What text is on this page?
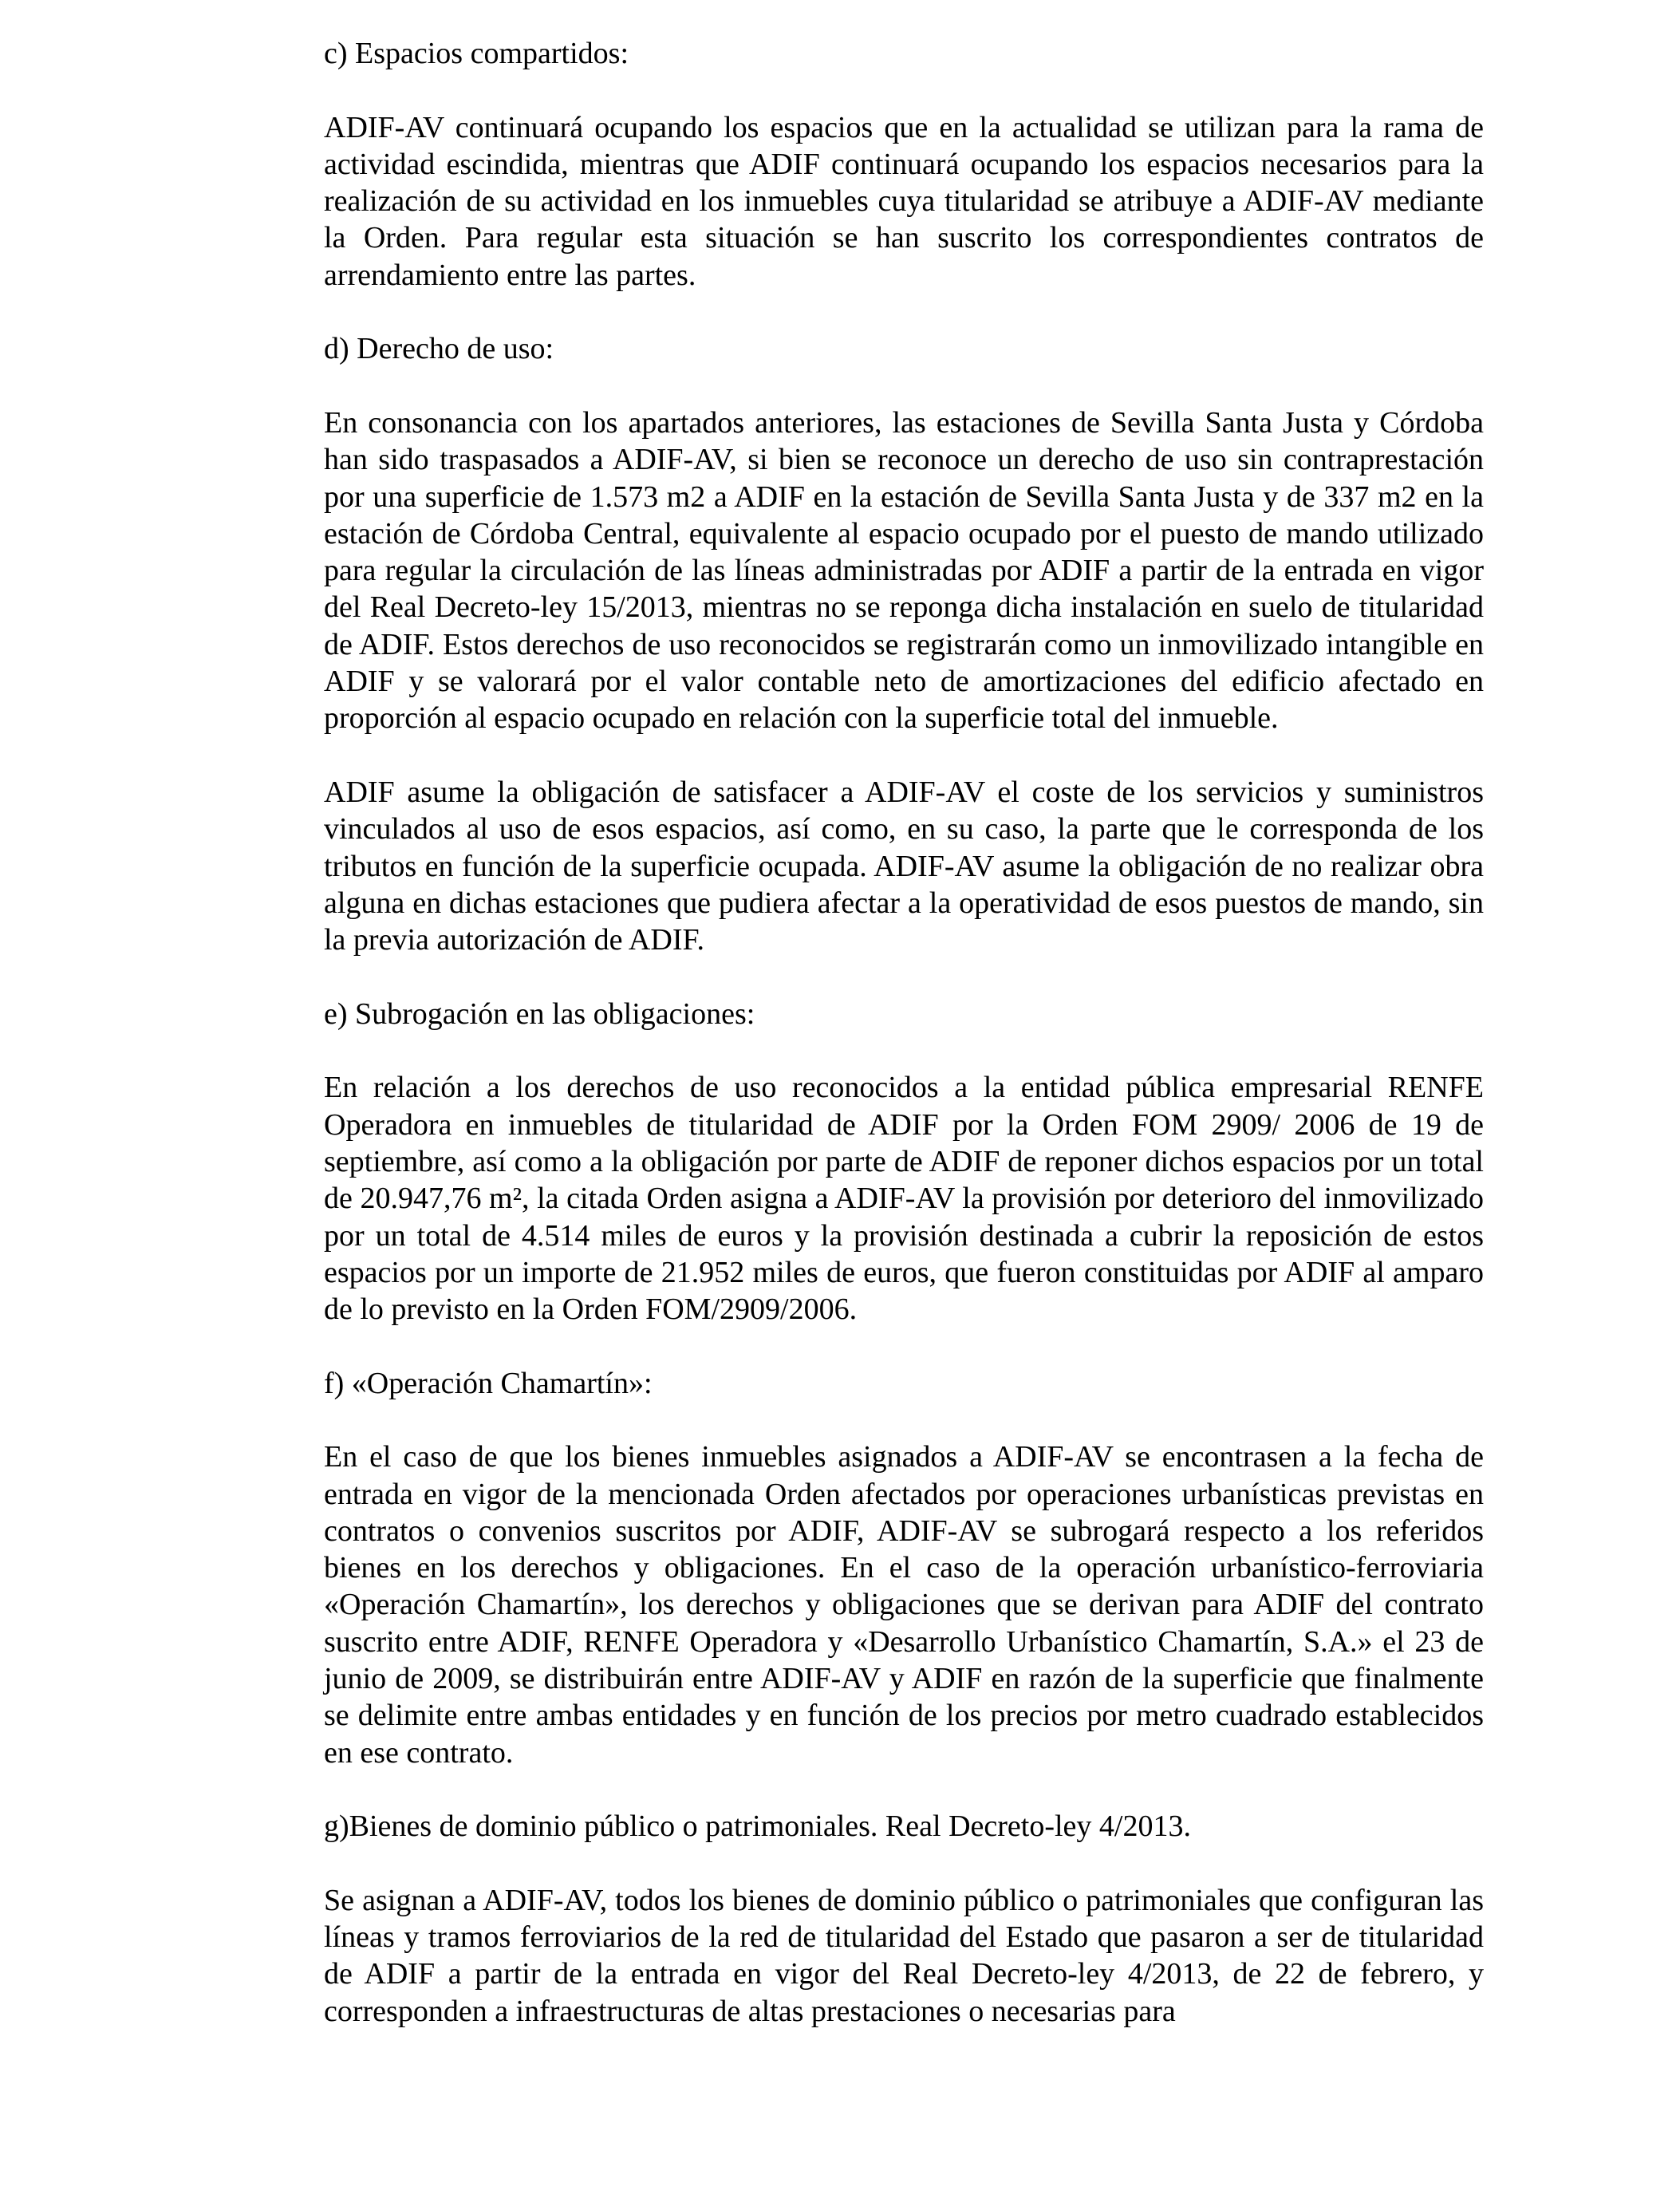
c) Espacios compartidos:

ADIF-AV continuará ocupando los espacios que en la actualidad se utilizan para la rama de actividad escindida, mientras que ADIF continuará ocupando los espacios necesarios para la realización de su actividad en los inmuebles cuya titularidad se atribuye a ADIF-AV mediante la Orden. Para regular esta situación se han suscrito los correspondientes contratos de arrendamiento entre las partes.

d) Derecho de uso:

En consonancia con los apartados anteriores, las estaciones de Sevilla Santa Justa y Córdoba han sido traspasados a ADIF-AV, si bien se reconoce un derecho de uso sin contraprestación por una superficie de 1.573 m2 a ADIF en la estación de Sevilla Santa Justa y de 337 m2 en la estación de Córdoba Central, equivalente al espacio ocupado por el puesto de mando utilizado para regular la circulación de las líneas administradas por ADIF a partir de la entrada en vigor del Real Decreto-ley 15/2013, mientras no se reponga dicha instalación en suelo de titularidad de ADIF. Estos derechos de uso reconocidos se registrarán como un inmovilizado intangible en ADIF y se valorará por el valor contable neto de amortizaciones del edificio afectado en proporción al espacio ocupado en relación con la superficie total del inmueble.

ADIF asume la obligación de satisfacer a ADIF-AV el coste de los servicios y suministros vinculados al uso de esos espacios, así como, en su caso, la parte que le corresponda de los tributos en función de la superficie ocupada. ADIF-AV asume la obligación de no realizar obra alguna en dichas estaciones que pudiera afectar a la operatividad de esos puestos de mando, sin la previa autorización de ADIF.

e) Subrogación en las obligaciones:

En relación a los derechos de uso reconocidos a la entidad pública empresarial RENFE Operadora en inmuebles de titularidad de ADIF por la Orden FOM 2909/ 2006 de 19 de septiembre, así como a la obligación por parte de ADIF de reponer dichos espacios por un total de 20.947,76 m², la citada Orden asigna a ADIF-AV la provisión por deterioro del inmovilizado por un total de 4.514 miles de euros y la provisión destinada a cubrir la reposición de estos espacios por un importe de 21.952 miles de euros, que fueron constituidas por ADIF al amparo de lo previsto en la Orden FOM/2909/2006.

f) «Operación Chamartín»:

En el caso de que los bienes inmuebles asignados a ADIF-AV se encontrasen a la fecha de entrada en vigor de la mencionada Orden afectados por operaciones urbanísticas previstas en contratos o convenios suscritos por ADIF, ADIF-AV se subrogará respecto a los referidos bienes en los derechos y obligaciones. En el caso de la operación urbanístico-ferroviaria «Operación Chamartín», los derechos y obligaciones que se derivan para ADIF del contrato suscrito entre ADIF, RENFE Operadora y «Desarrollo Urbanístico Chamartín, S.A.» el 23 de junio de 2009, se distribuirán entre ADIF-AV y ADIF en razón de la superficie que finalmente se delimite entre ambas entidades y en función de los precios por metro cuadrado establecidos en ese contrato.

g)Bienes de dominio público o patrimoniales. Real Decreto-ley 4/2013.

Se asignan a ADIF-AV, todos los bienes de dominio público o patrimoniales que configuran las líneas y tramos ferroviarios de la red de titularidad del Estado que pasaron a ser de titularidad de ADIF a partir de la entrada en vigor del Real Decreto-ley 4/2013, de 22 de febrero, y corresponden a infraestructuras de altas prestaciones o necesarias para
